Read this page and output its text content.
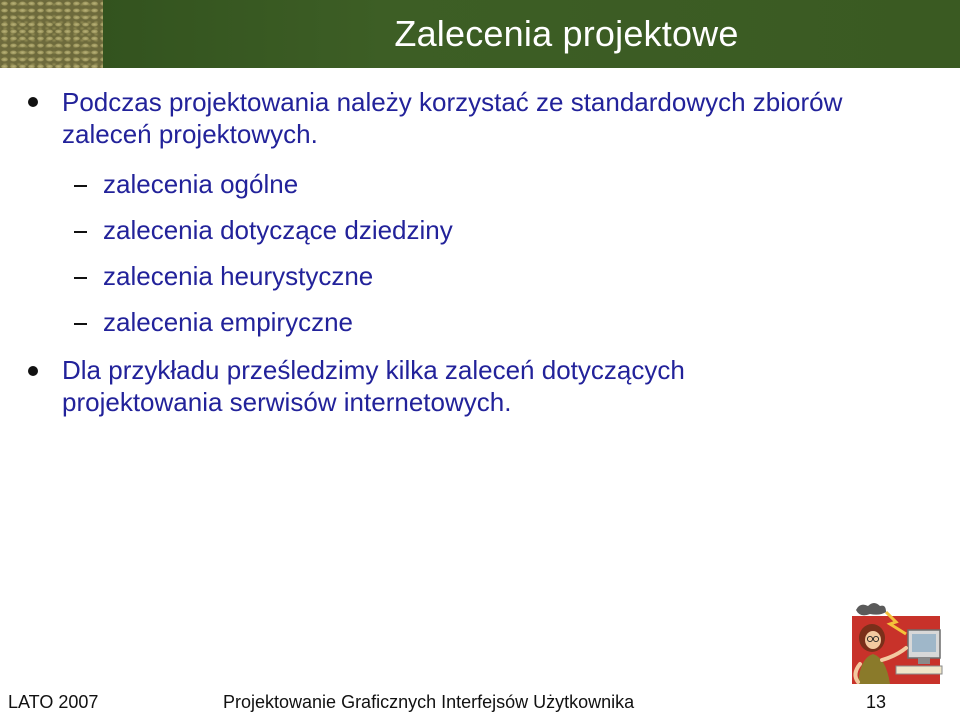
Zalecenia projektowe
Podczas projektowania należy korzystać ze standardowych zbiorów
zaleceń projektowych.
zalecenia ogólne
zalecenia dotyczące dziedziny
zalecenia heurystyczne
zalecenia empiryczne
Dla przykładu prześledzimy kilka zaleceń dotyczących
projektowania serwisów internetowych.
LATO 2007	Projektowanie Graficznych Interfejsów Użytkownika	13
